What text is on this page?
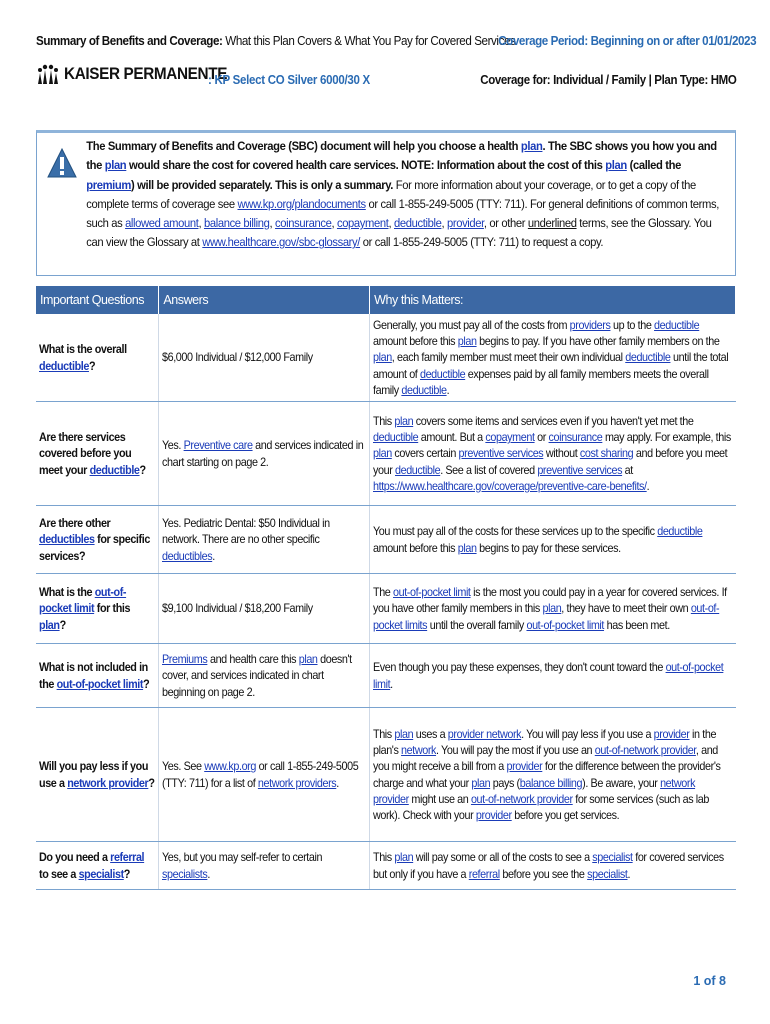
Summary of Benefits and Coverage: What this Plan Covers & What You Pay for Covered Services
Coverage Period: Beginning on or after 01/01/2023
KAISER PERMANENTE
: KP Select CO Silver 6000/30 X	Coverage for: Individual / Family | Plan Type: HMO
The Summary of Benefits and Coverage (SBC) document will help you choose a health plan. The SBC shows you how you and the plan would share the cost for covered health care services. NOTE: Information about the cost of this plan (called the premium) will be provided separately. This is only a summary. For more information about your coverage, or to get a copy of the complete terms of coverage see www.kp.org/plandocuments or call 1-855-249-5005 (TTY: 711). For general definitions of common terms, such as allowed amount, balance billing, coinsurance, copayment, deductible, provider, or other underlined terms, see the Glossary. You can view the Glossary at www.healthcare.gov/sbc-glossary/ or call 1-855-249-5005 (TTY: 711) to request a copy.
Important Questions	Answers	Why this Matters:
What is the overall deductible?	$6,000 Individual / $12,000 Family	Generally, you must pay all of the costs from providers up to the deductible amount before this plan begins to pay. If you have other family members on the plan, each family member must meet their own individual deductible until the total amount of deductible expenses paid by all family members meets the overall family deductible.
Are there services covered before you meet your deductible?	Yes. Preventive care and services indicated in chart starting on page 2.	This plan covers some items and services even if you haven't yet met the deductible amount. But a copayment or coinsurance may apply. For example, this plan covers certain preventive services without cost sharing and before you meet your deductible. See a list of covered preventive services at https://www.healthcare.gov/coverage/preventive-care-benefits/.
Are there other deductibles for specific services?	Yes. Pediatric Dental: $50 Individual in network. There are no other specific deductibles.	You must pay all of the costs for these services up to the specific deductible amount before this plan begins to pay for these services.
What is the out-of-pocket limit for this plan?	$9,100 Individual / $18,200 Family	The out-of-pocket limit is the most you could pay in a year for covered services. If you have other family members in this plan, they have to meet their own out-of-pocket limits until the overall family out-of-pocket limit has been met.
What is not included in the out-of-pocket limit?	Premiums and health care this plan doesn't cover, and services indicated in chart beginning on page 2.	Even though you pay these expenses, they don't count toward the out-of-pocket limit.
Will you pay less if you use a network provider?	Yes. See www.kp.org or call 1-855-249-5005 (TTY: 711) for a list of network providers.	This plan uses a provider network. You will pay less if you use a provider in the plan's network. You will pay the most if you use an out-of-network provider, and you might receive a bill from a provider for the difference between the provider's charge and what your plan pays (balance billing). Be aware, your network provider might use an out-of-network provider for some services (such as lab work). Check with your provider before you get services.
Do you need a referral to see a specialist?	Yes, but you may self-refer to certain specialists.	This plan will pay some or all of the costs to see a specialist for covered services but only if you have a referral before you see the specialist.
1 of 8
